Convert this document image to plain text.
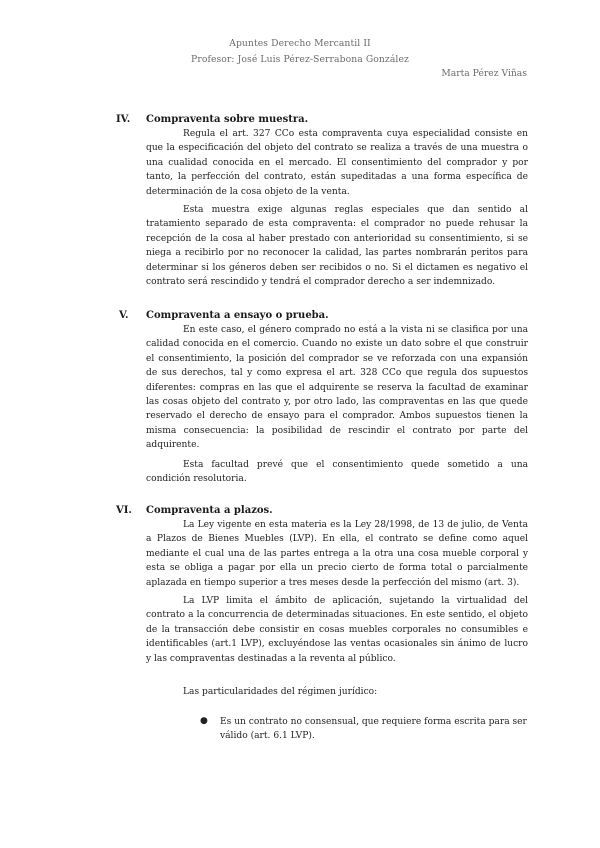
Apuntes Derecho Mercantil II
Profesor: José Luis Pérez-Serrabona González
Marta Pérez Viñas
IV. Compraventa sobre muestra.

Regula el art. 327 CCo esta compraventa cuya especialidad consiste en que la especificación del objeto del contrato se realiza a través de una muestra o una cualidad conocida en el mercado. El consentimiento del comprador y por tanto, la perfección del contrato, están supeditadas a una forma específica de determinación de la cosa objeto de la venta.

Esta muestra exige algunas reglas especiales que dan sentido al tratamiento separado de esta compraventa: el comprador no puede rehusar la recepción de la cosa al haber prestado con anterioridad su consentimiento, si se niega a recibirlo por no reconocer la calidad, las partes nombrarán peritos para determinar si los géneros deben ser recibidos o no. Si el dictamen es negativo el contrato será rescindido y tendrá el comprador derecho a ser indemnizado.

V. Compraventa a ensayo o prueba.

En este caso, el género comprado no está a la vista ni se clasifica por una calidad conocida en el comercio. Cuando no existe un dato sobre el que construir el consentimiento, la posición del comprador se ve reforzada con una expansión de sus derechos, tal y como expresa el art. 328 CCo que regula dos supuestos diferentes: compras en las que el adquirente se reserva la facultad de examinar las cosas objeto del contrato y, por otro lado, las compraventas en las que quede reservado el derecho de ensayo para el comprador. Ambos supuestos tienen la misma consecuencia: la posibilidad de rescindir el contrato por parte del adquirente.

Esta facultad prevé que el consentimiento quede sometido a una condición resolutoria.

VI. Compraventa a plazos.

La Ley vigente en esta materia es la Ley 28/1998, de 13 de julio, de Venta a Plazos de Bienes Muebles (LVP). En ella, el contrato se define como aquel mediante el cual una de las partes entrega a la otra una cosa mueble corporal y esta se obliga a pagar por ella un precio cierto de forma total o parcialmente aplazada en tiempo superior a tres meses desde la perfección del mismo (art. 3).

La LVP limita el ámbito de aplicación, sujetando la virtualidad del contrato a la concurrencia de determinadas situaciones. En este sentido, el objeto de la transacción debe consistir en cosas muebles corporales no consumibles e identificables (art.1 LVP), excluyéndose las ventas ocasionales sin ánimo de lucro y las compraventas destinadas a la reventa al público.

Las particularidades del régimen jurídico:

● Es un contrato no consensual, que requiere forma escrita para ser válido (art. 6.1 LVP).
